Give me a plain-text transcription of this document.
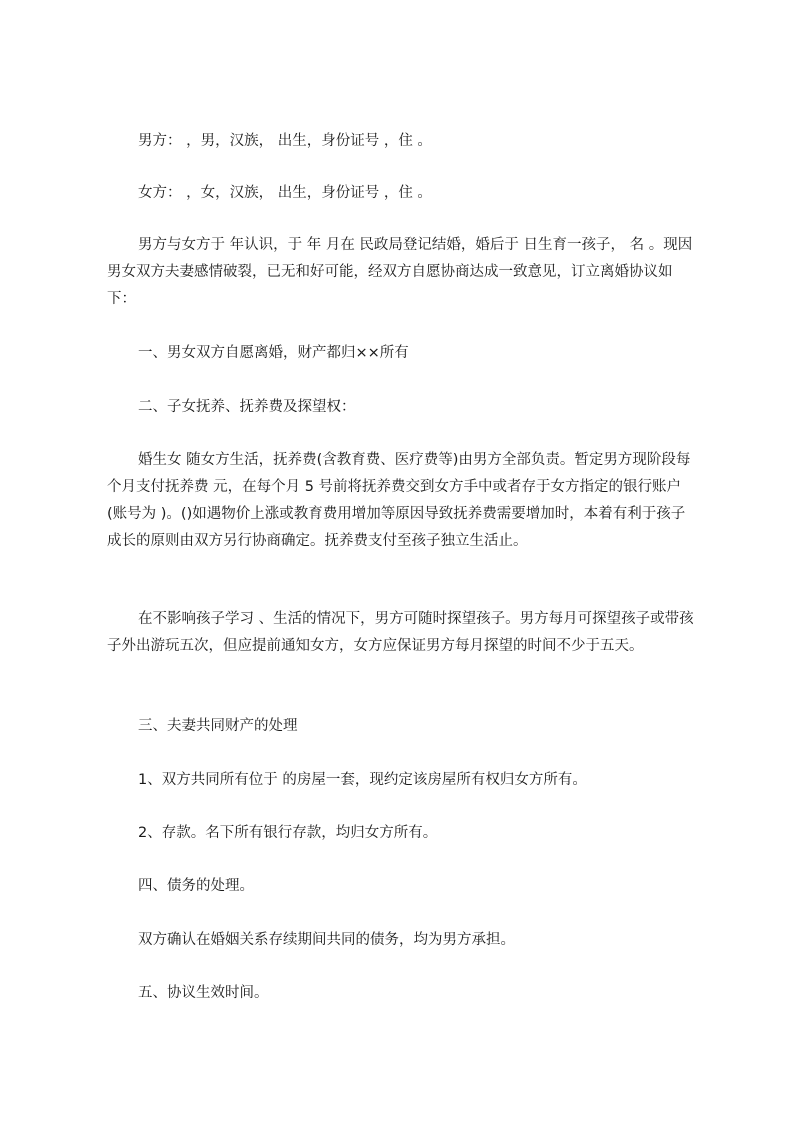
男方： ，男，汉族， 出生，身份证号 ，住 。

女方： ，女，汉族， 出生，身份证号 ，住 。

男方与女方于 年认识，于 年 月在 民政局登记结婚，婚后于 日生育一孩子， 名 。现因男女双方夫妻感情破裂，已无和好可能，经双方自愿协商达成一致意见，订立离婚协议如下：

一、男女双方自愿离婚，财产都归××所有

二、子女抚养、抚养费及探望权：

婚生女 随女方生活，抚养费(含教育费、医疗费等)由男方全部负责。暂定男方现阶段每个月支付抚养费 元，在每个月 5 号前将抚养费交到女方手中或者存于女方指定的银行账户(账号为 )。()如遇物价上涨或教育费用增加等原因导致抚养费需要增加时，本着有利于孩子成长的原则由双方另行协商确定。抚养费支付至孩子独立生活止。

在不影响孩子学习 、生活的情况下，男方可随时探望孩子。男方每月可探望孩子或带孩子外出游玩五次，但应提前通知女方，女方应保证男方每月探望的时间不少于五天。

三、夫妻共同财产的处理

1、双方共同所有位于 的房屋一套，现约定该房屋所有权归女方所有。

2、存款。名下所有银行存款，均归女方所有。

四、债务的处理。

双方确认在婚姻关系存续期间共同的债务，均为男方承担。

五、协议生效时间。
